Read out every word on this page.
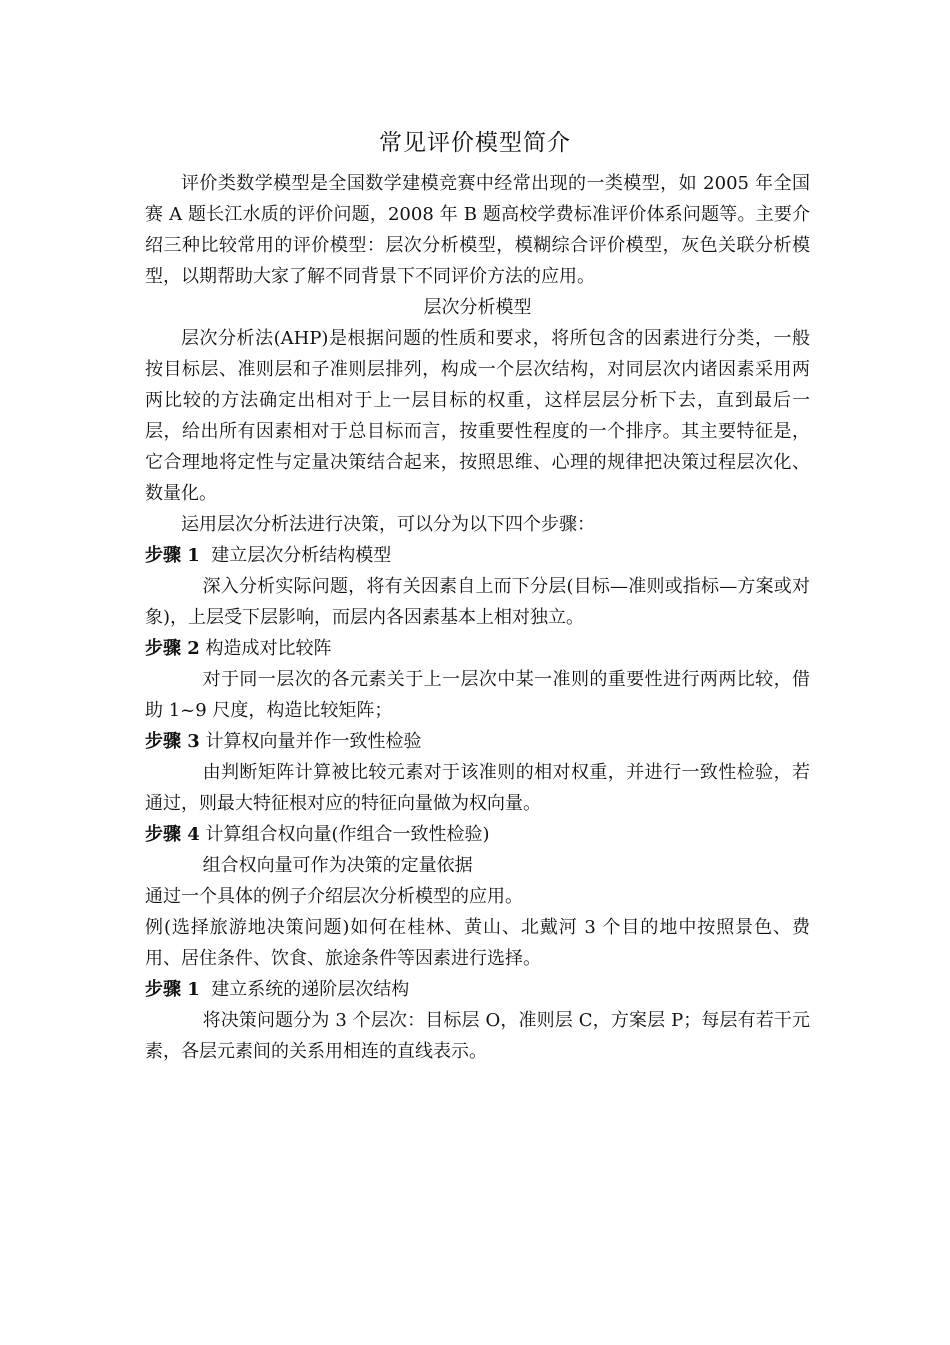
常见评价模型简介

评价类数学模型是全国数学建模竞赛中经常出现的一类模型，如 2005 年全国赛 A 题长江水质的评价问题，2008 年 B 题高校学费标准评价体系问题等。主要介绍三种比较常用的评价模型：层次分析模型，模糊综合评价模型，灰色关联分析模型，以期帮助大家了解不同背景下不同评价方法的应用。

层次分析模型

层次分析法(AHP)是根据问题的性质和要求，将所包含的因素进行分类，一般按目标层、准则层和子准则层排列，构成一个层次结构，对同层次内诸因素采用两两比较的方法确定出相对于上一层目标的权重，这样层层分析下去，直到最后一层，给出所有因素相对于总目标而言，按重要性程度的一个排序。其主要特征是，它合理地将定性与定量决策结合起来，按照思维、心理的规律把决策过程层次化、数量化。

运用层次分析法进行决策，可以分为以下四个步骤：

步骤 1  建立层次分析结构模型

深入分析实际问题，将有关因素自上而下分层(目标—准则或指标—方案或对象)，上层受下层影响，而层内各因素基本上相对独立。

步骤 2 构造成对比较阵

对于同一层次的各元素关于上一层次中某一准则的重要性进行两两比较，借助 1~9 尺度，构造比较矩阵；

步骤 3 计算权向量并作一致性检验

由判断矩阵计算被比较元素对于该准则的相对权重，并进行一致性检验，若通过，则最大特征根对应的特征向量做为权向量。

步骤 4 计算组合权向量(作组合一致性检验)

组合权向量可作为决策的定量依据

通过一个具体的例子介绍层次分析模型的应用。

例(选择旅游地决策问题)如何在桂林、黄山、北戴河 3 个目的地中按照景色、费用、居住条件、饮食、旅途条件等因素进行选择。

步骤 1  建立系统的递阶层次结构

将决策问题分为 3 个层次：目标层 O，准则层 C，方案层 P；每层有若干元素，各层元素间的关系用相连的直线表示。
